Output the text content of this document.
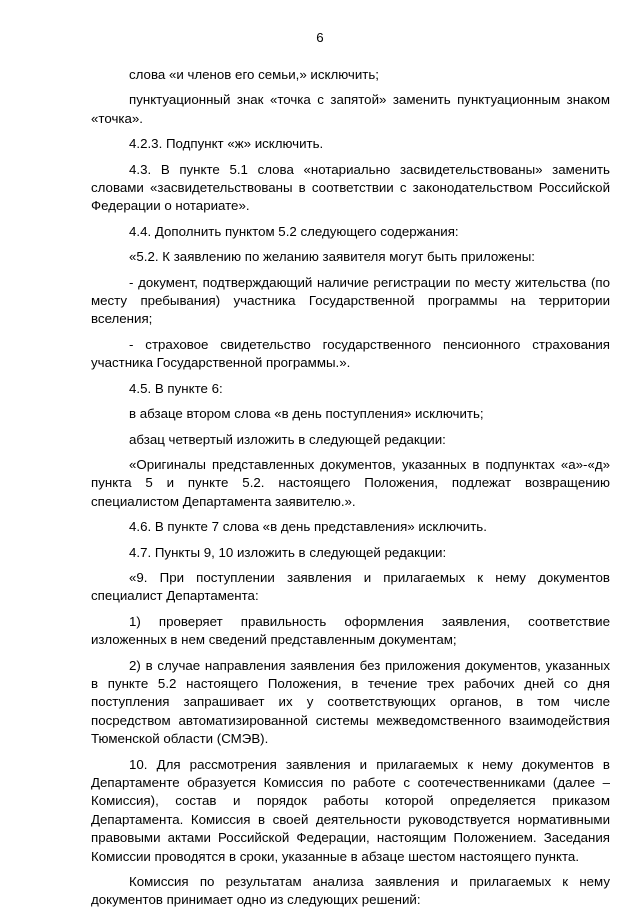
6

слова «и членов его семьи,» исключить;

пунктуационный знак «точка с запятой» заменить пунктуационным знаком «точка».

4.2.3. Подпункт «ж» исключить.

4.3. В пункте 5.1 слова «нотариально засвидетельствованы» заменить словами «засвидетельствованы в соответствии с законодательством Российской Федерации о нотариате».

4.4. Дополнить пунктом 5.2 следующего содержания:

«5.2. К заявлению по желанию заявителя могут быть приложены:

- документ, подтверждающий наличие регистрации по месту жительства (по месту пребывания) участника Государственной программы на территории вселения;

- страховое свидетельство государственного пенсионного страхования участника Государственной программы.».

4.5. В пункте 6:

в абзаце втором слова «в день поступления» исключить;

абзац четвертый изложить в следующей редакции:

«Оригиналы представленных документов, указанных в подпунктах «а»-«д» пункта 5 и пункте 5.2. настоящего Положения, подлежат возвращению специалистом Департамента заявителю.».

4.6. В пункте 7 слова «в день представления» исключить.

4.7. Пункты 9, 10 изложить в следующей редакции:

«9. При поступлении заявления и прилагаемых к нему документов специалист Департамента:

1) проверяет правильность оформления заявления, соответствие изложенных в нем сведений представленным документам;

2) в случае направления заявления без приложения документов, указанных в пункте 5.2 настоящего Положения, в течение трех рабочих дней со дня поступления запрашивает их у соответствующих органов, в том числе посредством автоматизированной системы межведомственного взаимодействия Тюменской области (СМЭВ).

10. Для рассмотрения заявления и прилагаемых к нему документов в Департаменте образуется Комиссия по работе с соотечественниками (далее – Комиссия), состав и порядок работы которой определяется приказом Департамента. Комиссия в своей деятельности руководствуется нормативными правовыми актами Российской Федерации, настоящим Положением. Заседания Комиссии проводятся в сроки, указанные в абзаце шестом настоящего пункта.

Комиссия по результатам анализа заявления и прилагаемых к нему документов принимает одно из следующих решений:
